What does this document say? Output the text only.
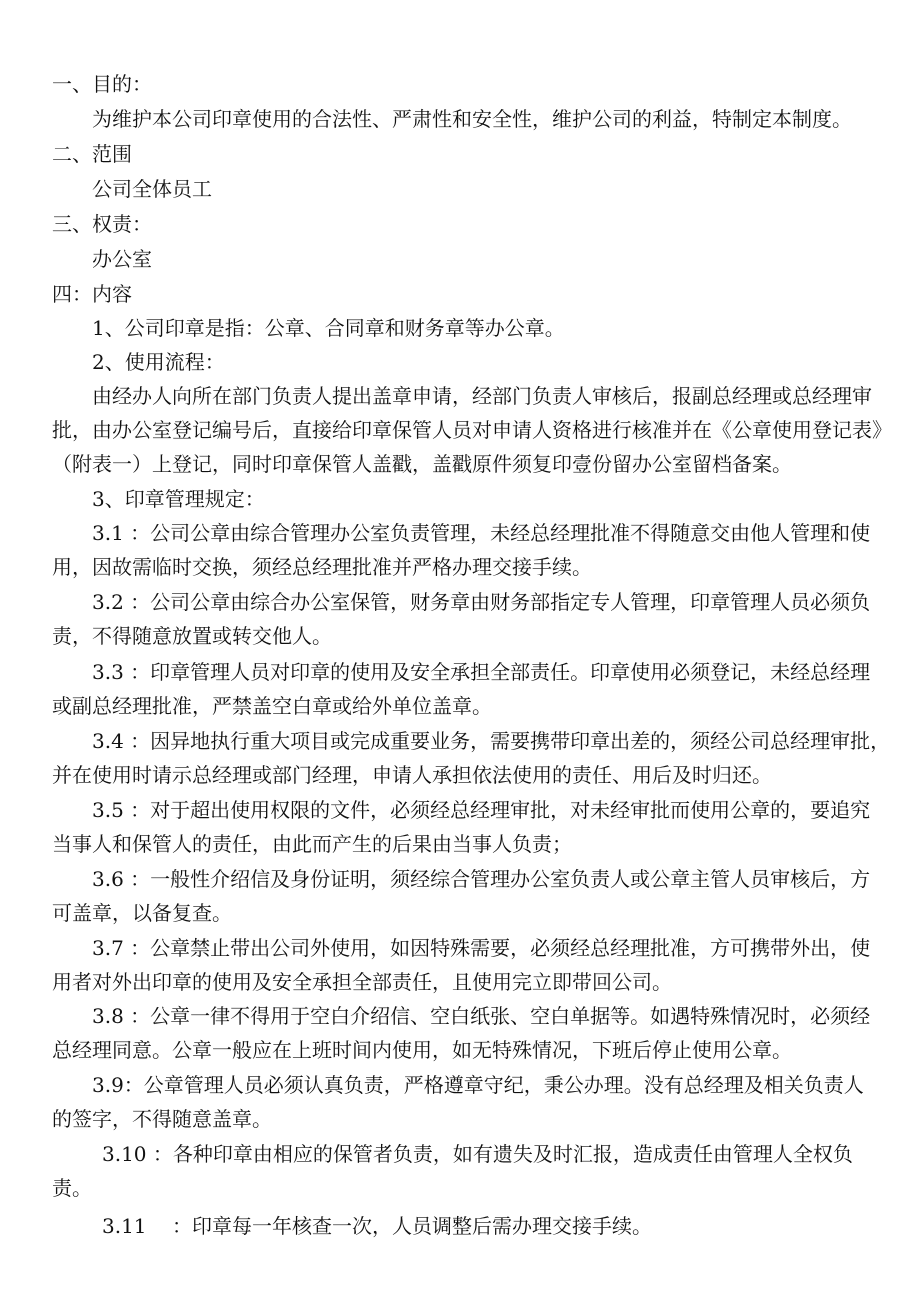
一、目的：
为维护本公司印章使用的合法性、严肃性和安全性，维护公司的利益，特制定本制度。
二、范围
公司全体员工
三、权责：
办公室
四：内容
1、公司印章是指：公章、合同章和财务章等办公章。
2、使用流程：
由经办人向所在部门负责人提出盖章申请，经部门负责人审核后，报副总经理或总经理审
批，由办公室登记编号后，直接给印章保管人员对申请人资格进行核准并在《公章使用登记表》
（附表一）上登记，同时印章保管人盖戳，盖戳原件须复印壹份留办公室留档备案。
3、印章管理规定：
3.1 ：公司公章由综合管理办公室负责管理，未经总经理批准不得随意交由他人管理和使
用，因故需临时交换，须经总经理批准并严格办理交接手续。
3.2 ：公司公章由综合办公室保管，财务章由财务部指定专人管理，印章管理人员必须负
责，不得随意放置或转交他人。
3.3 ：印章管理人员对印章的使用及安全承担全部责任。印章使用必须登记，未经总经理
或副总经理批准，严禁盖空白章或给外单位盖章。
3.4 ：因异地执行重大项目或完成重要业务，需要携带印章出差的，须经公司总经理审批，
并在使用时请示总经理或部门经理，申请人承担依法使用的责任、用后及时归还。
3.5 ：对于超出使用权限的文件，必须经总经理审批，对未经审批而使用公章的，要追究
当事人和保管人的责任，由此而产生的后果由当事人负责；
3.6 ：一般性介绍信及身份证明，须经综合管理办公室负责人或公章主管人员审核后，方
可盖章，以备复查。
3.7 ：公章禁止带出公司外使用，如因特殊需要，必须经总经理批准，方可携带外出，使
用者对外出印章的使用及安全承担全部责任，且使用完立即带回公司。
3.8 ：公章一律不得用于空白介绍信、空白纸张、空白单据等。如遇特殊情况时，必须经
总经理同意。公章一般应在上班时间内使用，如无特殊情况，下班后停止使用公章。
3.9：公章管理人员必须认真负责，严格遵章守纪，秉公办理。没有总经理及相关负责人
的签字，不得随意盖章。
3.10 ：各种印章由相应的保管者负责，如有遗失及时汇报，造成责任由管理人全权负
责。
3.11    ：印章每一年核查一次，人员调整后需办理交接手续。
